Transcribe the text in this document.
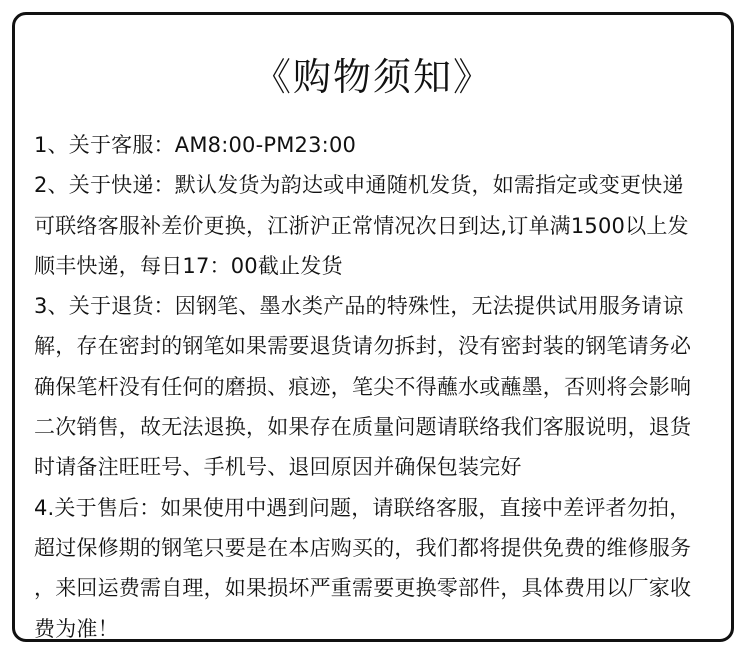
《购物须知》
1、关于客服：AM8:00-PM23:00
2、关于快递：默认发货为韵达或申通随机发货，如需指定或变更快递
可联络客服补差价更换，江浙沪正常情况次日到达,订单满1500以上发
顺丰快递，每日17：00截止发货
3、关于退货：因钢笔、墨水类产品的特殊性，无法提供试用服务请谅
解，存在密封的钢笔如果需要退货请勿拆封，没有密封装的钢笔请务必
确保笔杆没有任何的磨损、痕迹，笔尖不得蘸水或蘸墨，否则将会影响
二次销售，故无法退换，如果存在质量问题请联络我们客服说明，退货
时请备注旺旺号、手机号、退回原因并确保包装完好
4.关于售后：如果使用中遇到问题，请联络客服，直接中差评者勿拍，
超过保修期的钢笔只要是在本店购买的，我们都将提供免费的维修服务
，来回运费需自理，如果损坏严重需要更换零部件，具体费用以厂家收
费为准！
